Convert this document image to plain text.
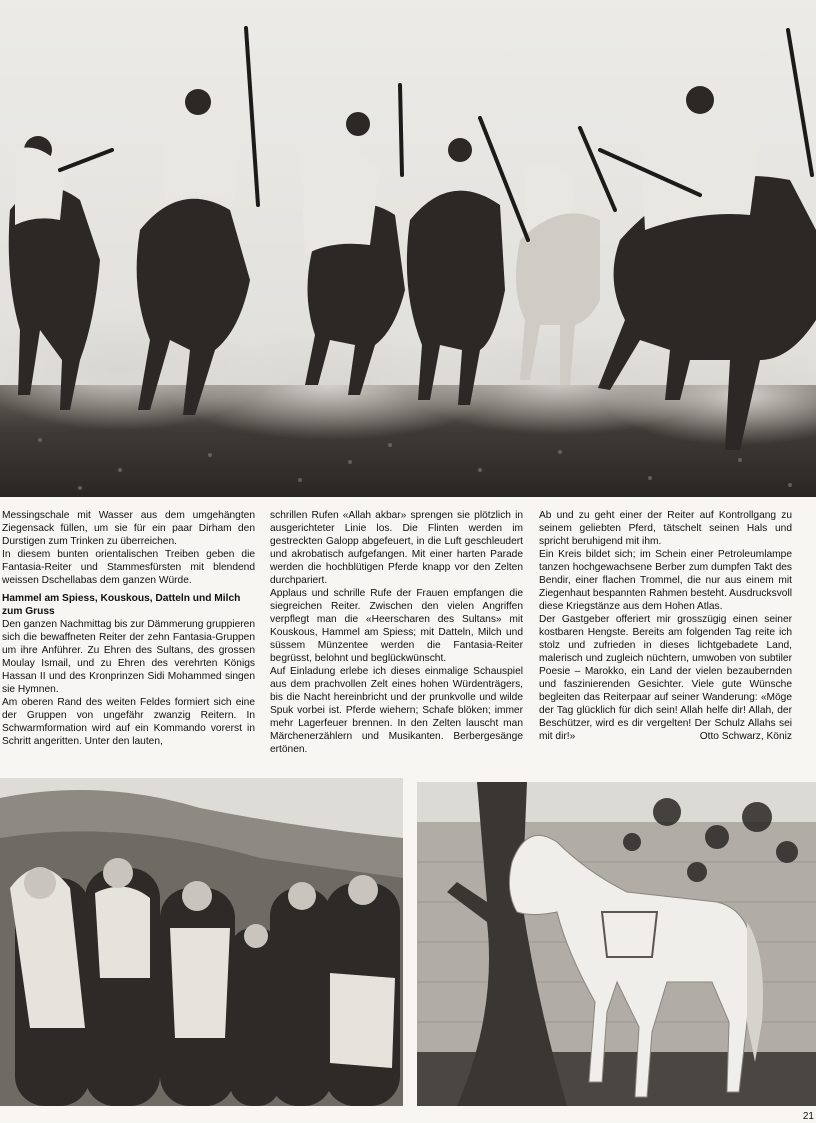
Messingschale mit Wasser aus dem umgehängten Ziegensack füllen, um sie für ein paar Dirham den Durstigen zum Trinken zu überreichen.

In diesem bunten orientalischen Treiben geben die Fantasia-Reiter und Stammesfürsten mit blendend weissen Dschellabas dem ganzen Würde.

Hammel am Spiess, Kouskous, Datteln und Milch zum Gruss

Den ganzen Nachmittag bis zur Dämmerung gruppieren sich die bewaffneten Reiter der zehn Fantasia-Gruppen um ihre Anführer. Zu Ehren des Sultans, des grossen Moulay Ismail, und zu Ehren des verehrten Königs Hassan II und des Kronprinzen Sidi Mohammed singen sie Hymnen.

Am oberen Rand des weiten Feldes formiert sich eine der Gruppen von ungefähr zwanzig Reitern. In Schwarmformation wird auf ein Kommando vorerst in Schritt angeritten. Unter den lauten,

schrillen Rufen «Allah akbar» sprengen sie plötzlich in ausgerichteter Linie los. Die Flinten werden im gestreckten Galopp abgefeuert, in die Luft geschleudert und akrobatisch aufgefangen. Mit einer harten Parade werden die hochblütigen Pferde knapp vor den Zelten durchpariert.

Applaus und schrille Rufe der Frauen empfangen die siegreichen Reiter. Zwischen den vielen Angriffen verpflegt man die «Heerscharen des Sultans» mit Kouskous, Hammel am Spiess; mit Datteln, Milch und süssem Münzentee werden die Fantasia-Reiter begrüsst, belohnt und beglückwünscht.

Auf Einladung erlebe ich dieses einmalige Schauspiel aus dem prachvollen Zelt eines hohen Würdenträgers, bis die Nacht hereinbricht und der prunkvolle und wilde Spuk vorbei ist. Pferde wiehern; Schafe blöken; immer mehr Lagerfeuer brennen. In den Zelten lauscht man Märchenerzählern und Musikanten. Berbergesänge ertönen.

Ab und zu geht einer der Reiter auf Kontrollgang zu seinem geliebten Pferd, tätschelt seinen Hals und spricht beruhigend mit ihm.

Ein Kreis bildet sich; im Schein einer Petroleumlampe tanzen hochgewachsene Berber zum dumpfen Takt des Bendir, einer flachen Trommel, die nur aus einem mit Ziegenhaut bespannten Rahmen besteht. Ausdrucksvoll diese Kriegstänze aus dem Hohen Atlas.

Der Gastgeber offeriert mir grosszügig einen seiner kostbaren Hengste. Bereits am folgenden Tag reite ich stolz und zufrieden in dieses lichtgebadete Land, malerisch und zugleich nüchtern, umwoben von subtiler Poesie – Marokko, ein Land der vielen bezaubernden und faszinierenden Gesichter. Viele gute Wünsche begleiten das Reiterpaar auf seiner Wanderung: «Möge der Tag glücklich für dich sein! Allah helfe dir! Allah, der Beschützer, wird es dir vergelten! Der Schulz Allahs sei mit dir!»	Otto Schwarz, Köniz
21
